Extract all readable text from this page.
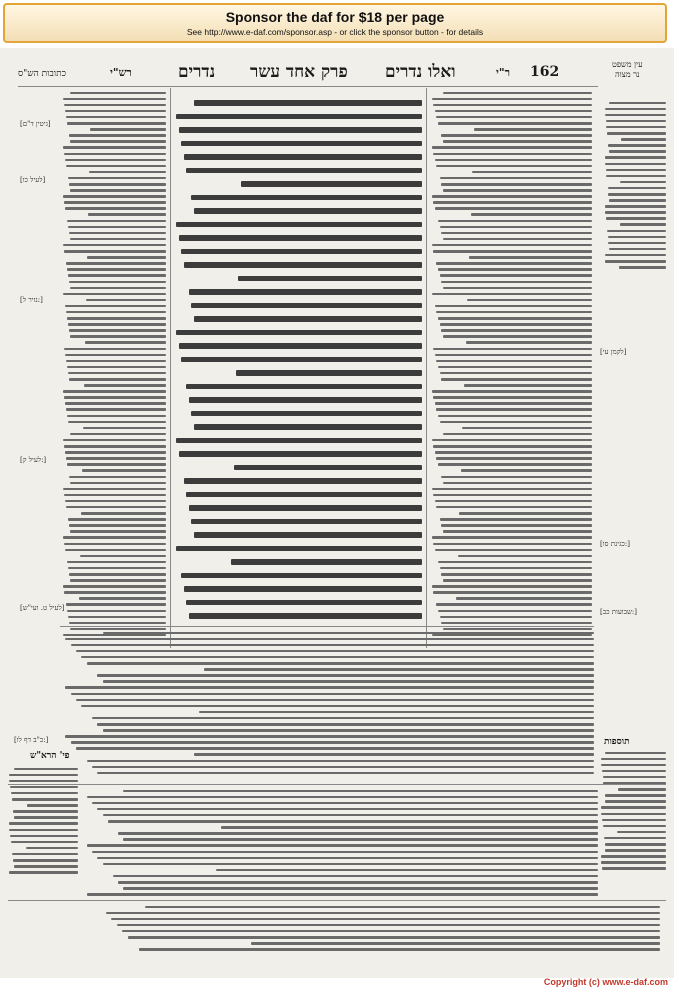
Sponsor the daf for $18 per page
See http://www.e-daf.com/sponsor.asp - or click the sponsor button - for details
כתובות הש"ס	רש"י	נדרים פרק אחד עשר ואלו נדרים	ר"י 162	עין משפט
נר מצוה
[גיטין ד"ם]
[לעיל כו]
[נזיר ל:]
[לעיל ק:]
[לעיל ט. ועי"ש]
[כ"ב דף לו:]
[לקמן עי]
[כגינת סו:]
[שבועות כב:]
תוספות
פי' הרא"ש
Copyright (c) www.e-daf.com
